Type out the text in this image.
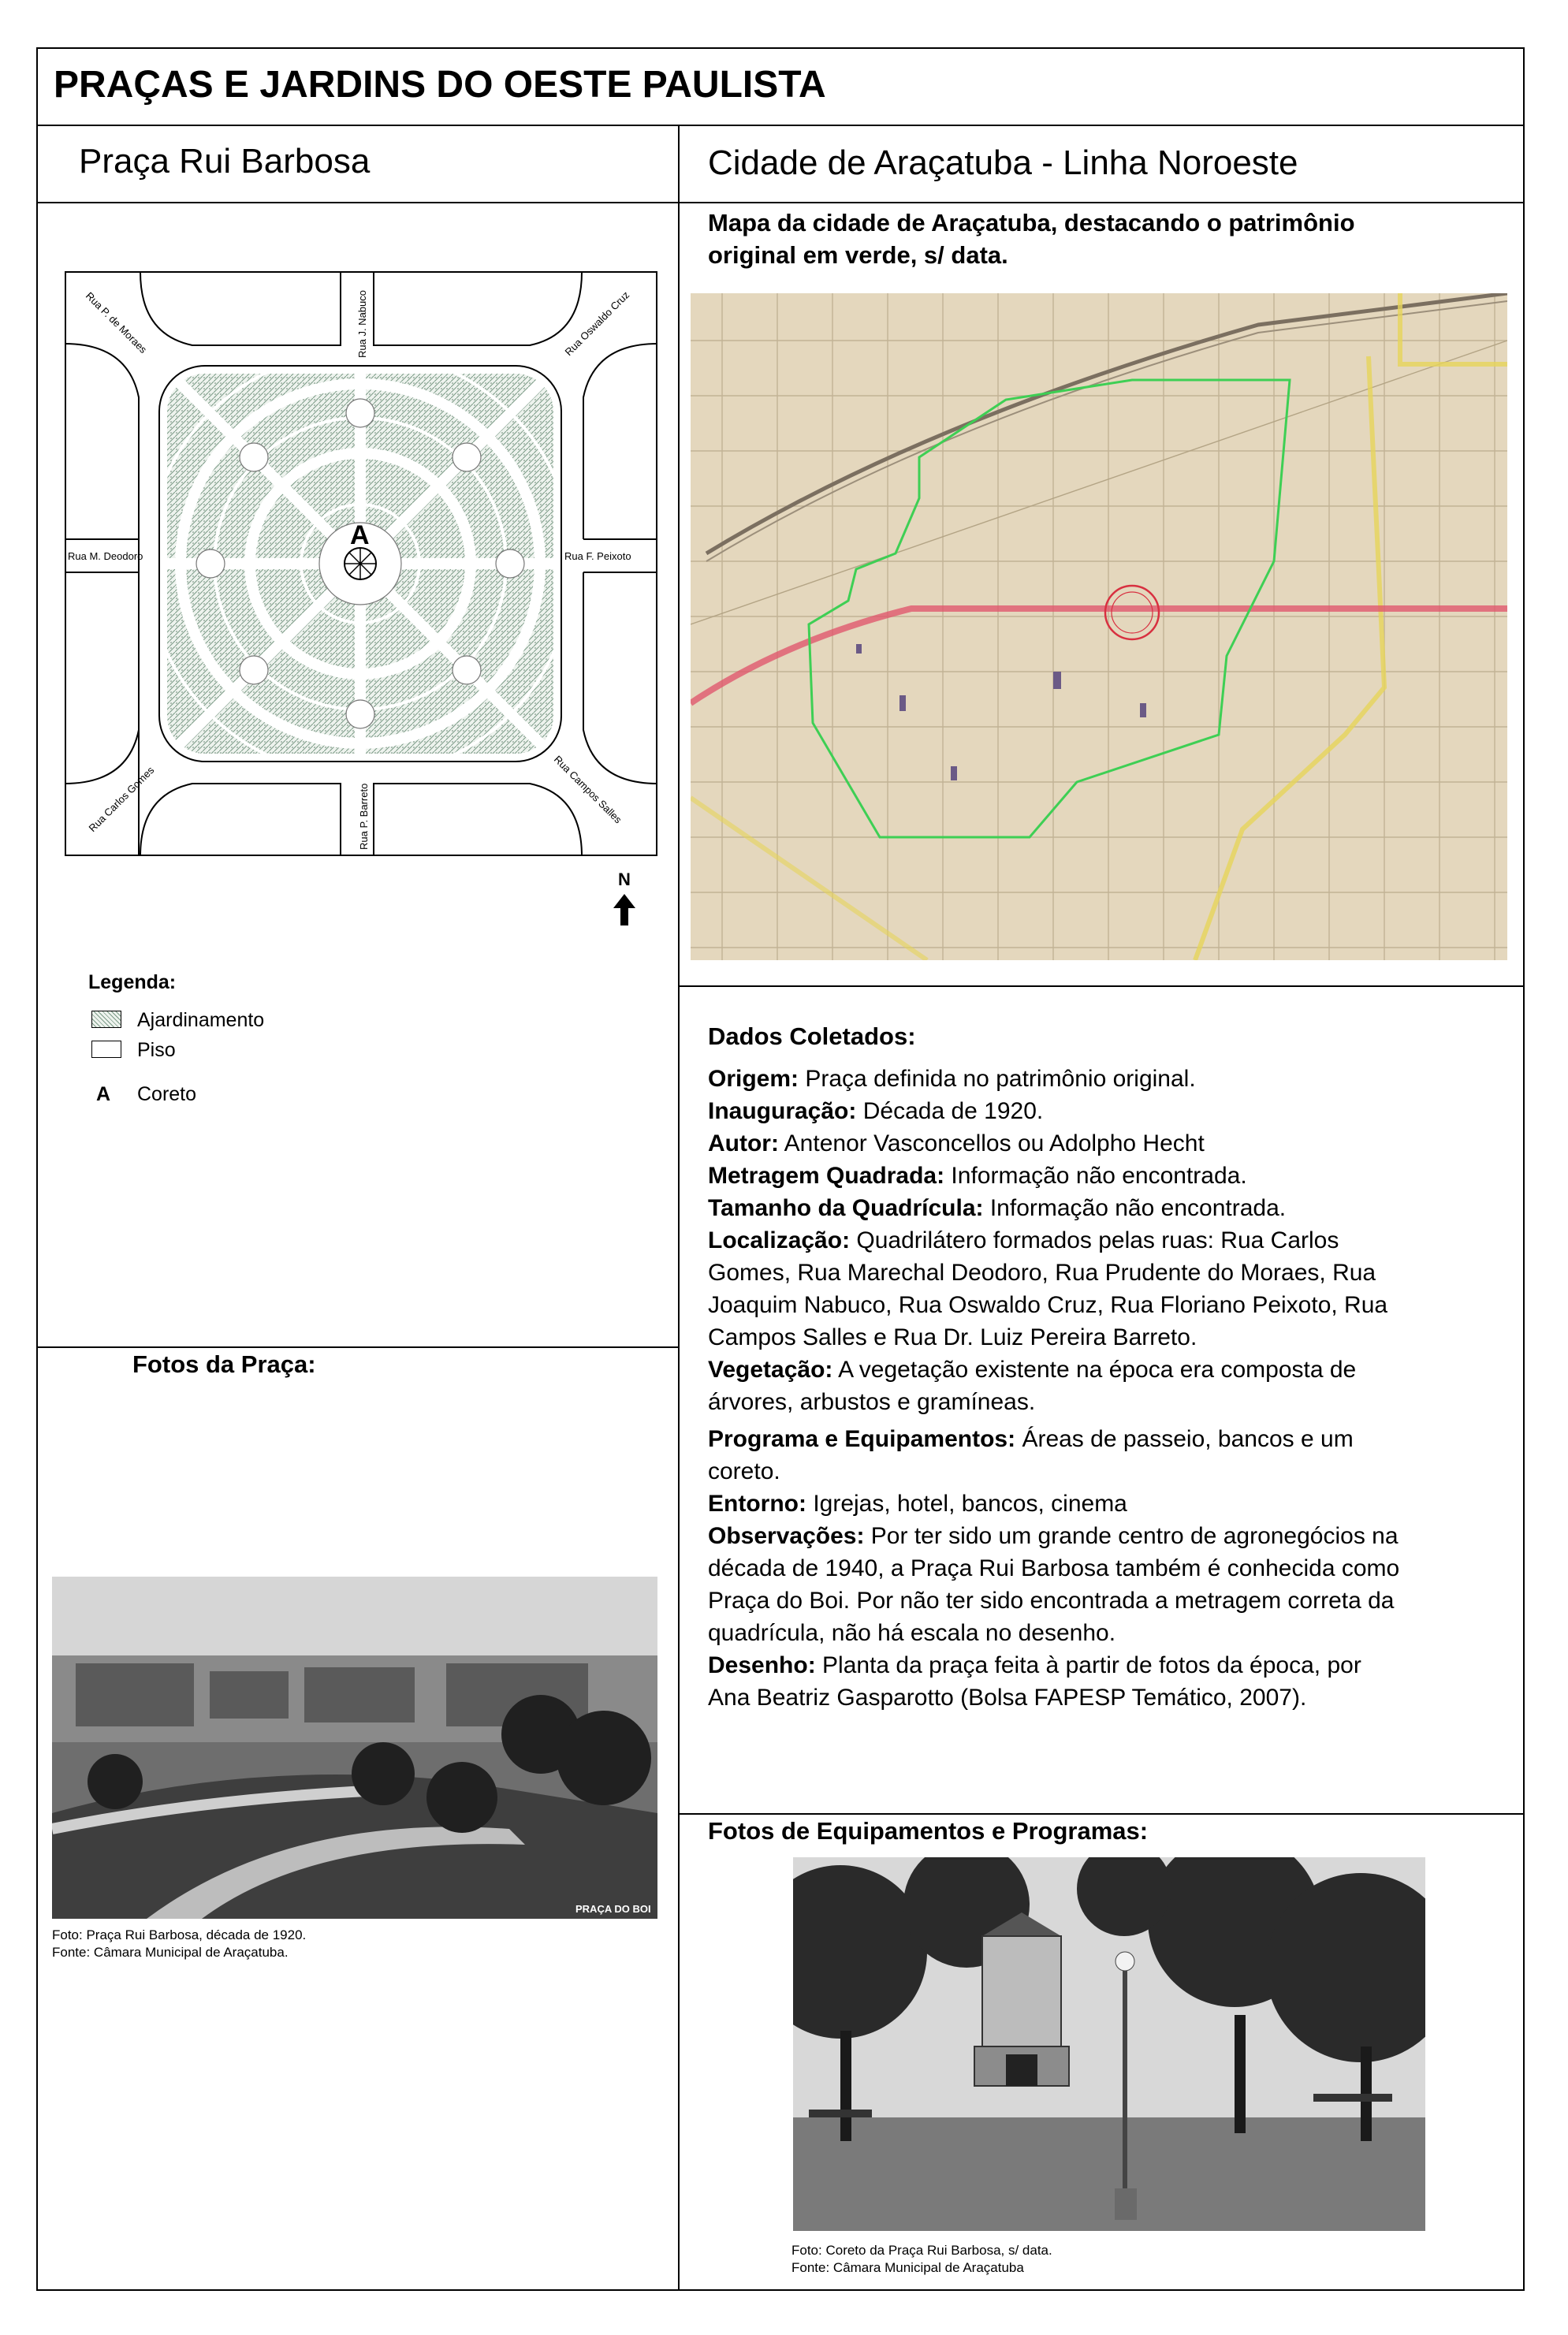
PRAÇAS E JARDINS DO OESTE PAULISTA
Praça Rui Barbosa	Cidade de Araçatuba - Linha Noroeste
A
Rua P. de Moraes	Rua J. Nabuco	Rua Oswaldo Cruz
Rua M. Deodoro	Rua F. Peixoto
Rua Carlos Gomes	Rua P. Barreto	Rua Campos Salles
N
Legenda:
Ajardinamento
Piso
A Coreto
Mapa da cidade de Araçatuba, destacando o patrimônio
original em verde, s/ data.
Dados Coletados:

Origem: Praça definida no patrimônio original.

Inauguração: Década de 1920.

Autor: Antenor Vasconcellos ou Adolpho Hecht

Metragem Quadrada: Informação não encontrada.

Tamanho da Quadrícula: Informação não encontrada.

Localização: Quadrilátero formados pelas ruas: Rua Carlos

Gomes, Rua Marechal Deodoro, Rua Prudente do Moraes, Rua

Joaquim Nabuco, Rua Oswaldo Cruz, Rua Floriano Peixoto, Rua

Campos Salles e Rua Dr. Luiz Pereira Barreto.

Vegetação: A vegetação existente na época era composta de

árvores, arbustos e gramíneas.

Programa e Equipamentos: Áreas de passeio, bancos e um

coreto.

Entorno: Igrejas, hotel, bancos, cinema

Observações: Por ter sido um grande centro de agronegócios na

década de 1940, a Praça Rui Barbosa também é conhecida como

Praça do Boi. Por não ter sido encontrada a metragem correta da

quadrícula, não há escala no desenho.

Desenho: Planta da praça feita à partir de fotos da época, por

Ana Beatriz Gasparotto (Bolsa FAPESP Temático, 2007).

Fotos da Praça:
PRAÇA DO BOI
Foto: Praça Rui Barbosa, década de 1920.
Fonte: Câmara Municipal de Araçatuba.
Fotos de Equipamentos e Programas:
Foto: Coreto da Praça Rui Barbosa, s/ data.
Fonte: Câmara Municipal de Araçatuba
